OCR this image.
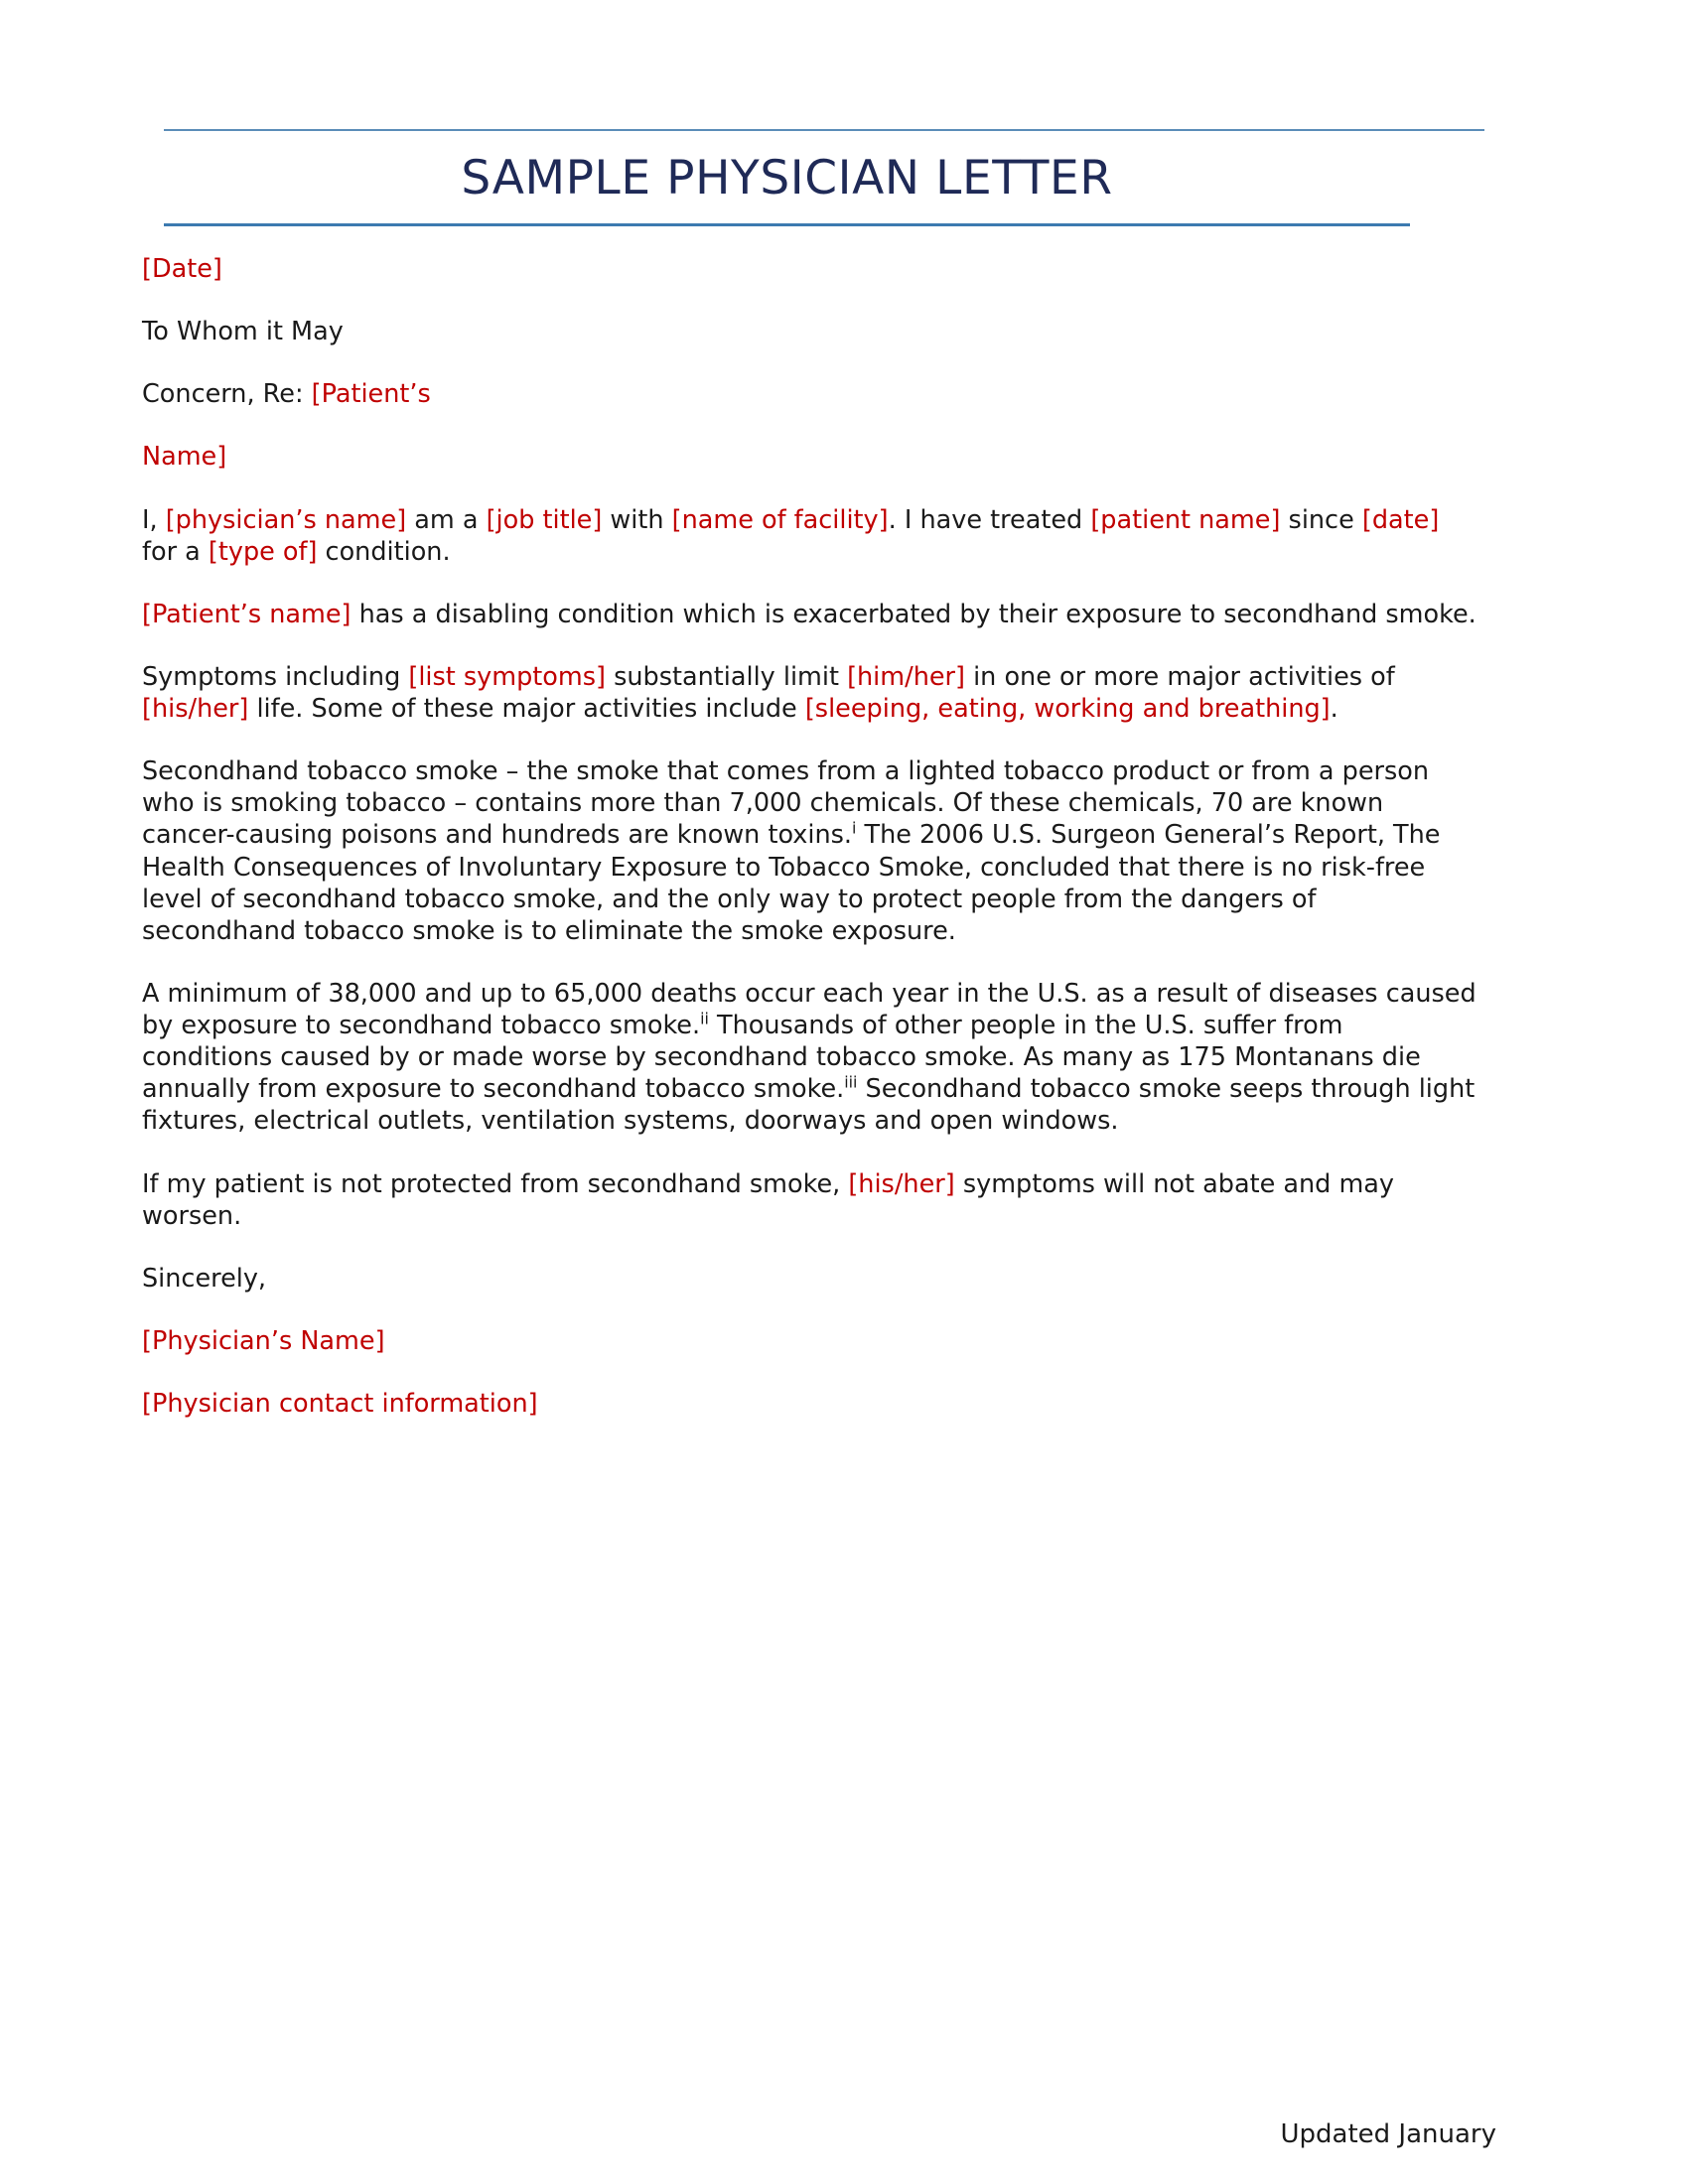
SAMPLE PHYSICIAN LETTER

[Date]

To Whom it May

Concern, Re: [Patient’s

Name]

I, [physician’s name] am a [job title] with [name of facility]. I have treated [patient name] since [date] for a [type of] condition.

[Patient’s name] has a disabling condition which is exacerbated by their exposure to secondhand smoke.

Symptoms including [list symptoms] substantially limit [him/her] in one or more major activities of [his/her] life. Some of these major activities include [sleeping, eating, working and breathing].

Secondhand tobacco smoke – the smoke that comes from a lighted tobacco product or from a person who is smoking tobacco – contains more than 7,000 chemicals. Of these chemicals, 70 are known cancer-causing poisons and hundreds are known toxins.$^i$ The 2006 U.S. Surgeon General’s Report, The Health Consequences of Involuntary Exposure to Tobacco Smoke, concluded that there is no risk-free level of secondhand tobacco smoke, and the only way to protect people from the dangers of secondhand tobacco smoke is to eliminate the smoke exposure.

A minimum of 38,000 and up to 65,000 deaths occur each year in the U.S. as a result of diseases caused by exposure to secondhand tobacco smoke.$^{ii}$ Thousands of other people in the U.S. suffer from conditions caused by or made worse by secondhand tobacco smoke. As many as 175 Montanans die annually from exposure to secondhand tobacco smoke.$^{iii}$ Secondhand tobacco smoke seeps through light fixtures, electrical outlets, ventilation systems, doorways and open windows.

If my patient is not protected from secondhand smoke, [his/her] symptoms will not abate and may worsen.

Sincerely,

[Physician’s Name]

[Physician contact information]

Updated January
